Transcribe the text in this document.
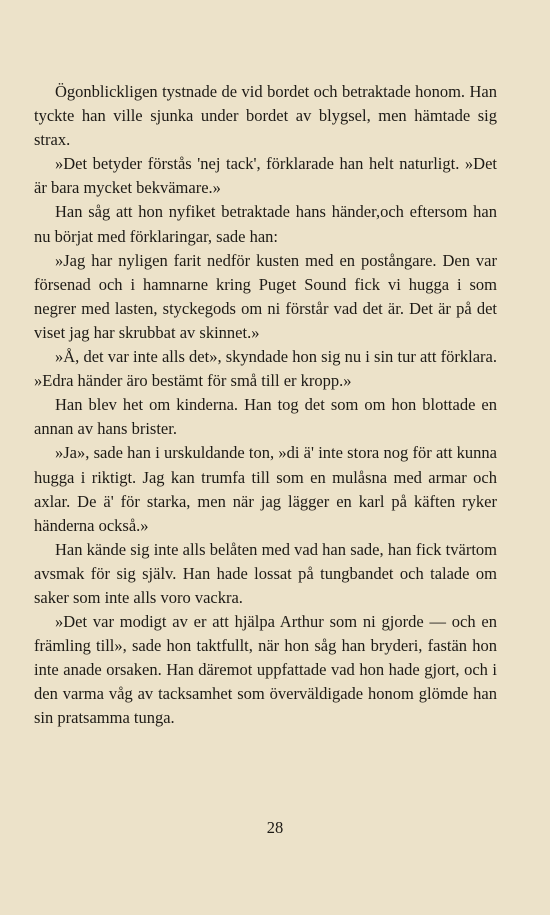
Ögonblickligen tystnade de vid bordet och betraktade honom. Han tyckte han ville sjunka under bordet av blygsel, men hämtade sig strax.

»Det betyder förstås 'nej tack', förklarade han helt naturligt. »Det är bara mycket bekvämare.»

Han såg att hon nyfiket betraktade hans händer,och eftersom han nu börjat med förklaringar, sade han:

»Jag har nyligen farit nedför kusten med en postångare. Den var försenad och i hamnarne kring Puget Sound fick vi hugga i som negrer med lasten, styckegods om ni förstår vad det är. Det är på det viset jag har skrubbat av skinnet.»

»Å, det var inte alls det», skyndade hon sig nu i sin tur att förklara. »Edra händer äro bestämt för små till er kropp.»

Han blev het om kinderna. Han tog det som om hon blottade en annan av hans brister.

»Ja», sade han i urskuldande ton, »di ä' inte stora nog för att kunna hugga i riktigt. Jag kan trumfa till som en mulåsna med armar och axlar. De ä' för starka, men när jag lägger en karl på käften ryker händerna också.»

Han kände sig inte alls belåten med vad han sade, han fick tvärtom avsmak för sig själv. Han hade lossat på tungbandet och talade om saker som inte alls voro vackra.

»Det var modigt av er att hjälpa Arthur som ni gjorde — och en främling till», sade hon taktfullt, när hon såg han bryderi, fastän hon inte anade orsaken. Han däremot uppfattade vad hon hade gjort, och i den varma våg av tacksamhet som överväldigade honom glömde han sin pratsamma tunga.

28
